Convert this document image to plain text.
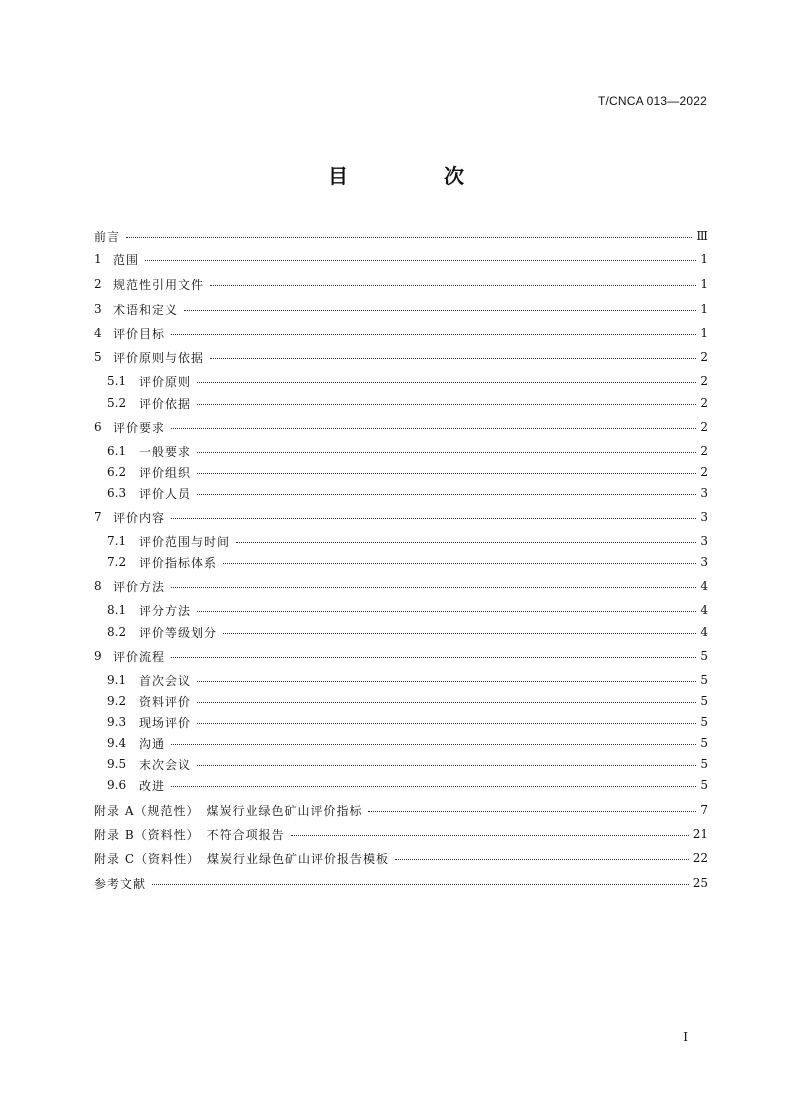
T/CNCA 013—2022
目　次
前言	Ⅲ
1 范围	1
2 规范性引用文件	1
3 术语和定义	1
4 评价目标	1
5 评价原则与依据	2
5.1	评价原则	2
5.2	评价依据	2
6 评价要求	2
6.1	一般要求	2
6.2	评价组织	2
6.3	评价人员	3
7 评价内容	3
7.1	评价范围与时间	3
7.2	评价指标体系	3
8 评价方法	4
8.1	评分方法	4
8.2	评价等级划分	4
9 评价流程	5
9.1	首次会议	5
9.2	资料评价	5
9.3	现场评价	5
9.4	沟通	5
9.5	末次会议	5
9.6	改进	5
附录 A（规范性）　煤炭行业绿色矿山评价指标	7
附录 B（资料性）　不符合项报告	21
附录 C（资料性）　煤炭行业绿色矿山评价报告模板	22
参考文献	25
I
